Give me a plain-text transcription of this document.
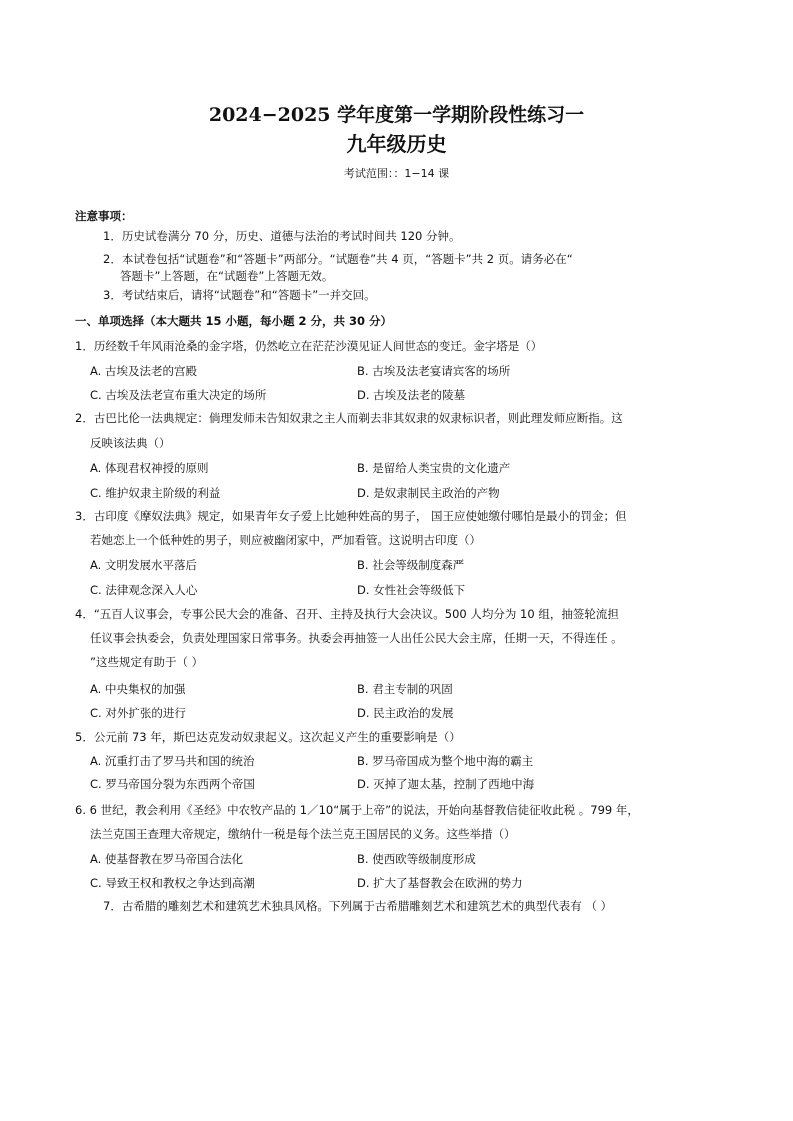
2024−2025 学年度第一学期阶段性练习一
九年级历史
考试范围：：1−14 课
注意事项：
1．历史试卷满分 70 分，历史、道德与法治的考试时间共 120 分钟。
2．本试卷包括“试题卷”和“答题卡”两部分。“试题卷”共 4 页，“答题卡”共 2 页。请务必在“
答题卡”上答题，在“试题卷”上答题无效。
3．考试结束后，请将“试题卷”和“答题卡”一并交回。
一、单项选择（本大题共 15 小题，每小题 2 分，共 30 分）
1．历经数千年风雨沧桑的金字塔，仍然屹立在茫茫沙漠见证人间世态的变迁。金字塔是（）
A. 古埃及法老的宫殿	B. 古埃及法老宴请宾客的场所
C. 古埃及法老宣布重大决定的场所	D. 古埃及法老的陵墓
2．古巴比伦一法典规定：倘理发师未告知奴隶之主人而剃去非其奴隶的奴隶标识者，则此理发师应断指。这
反映该法典（）
A. 体现君权神授的原则	B. 是留给人类宝贵的文化遗产
C. 维护奴隶主阶级的利益	D. 是奴隶制民主政治的产物
3．古印度《摩奴法典》规定，如果青年女子爱上比她种姓高的男子， 国王应使她缴付哪怕是最小的罚金；但
若她恋上一个低种姓的男子，则应被幽闭家中，严加看管。这说明古印度（）
A. 文明发展水平落后	B. 社会等级制度森严
C. 法律观念深入人心	D. 女性社会等级低下
4．“五百人议事会，专事公民大会的准备、召开、主持及执行大会决议。500 人均分为 10 组，抽签轮流担
任议事会执委会，负责处理国家日常事务。执委会再抽签一人出任公民大会主席，任期一天，不得连任 。
”这些规定有助于（ ）
A. 中央集权的加强	B. 君主专制的巩固
C. 对外扩张的进行	D. 民主政治的发展
5．公元前 73 年，斯巴达克发动奴隶起义。这次起义产生的重要影响是（）
A. 沉重打击了罗马共和国的统治	B. 罗马帝国成为整个地中海的霸主
C. 罗马帝国分裂为东西两个帝国	D. 灭掉了迦太基，控制了西地中海
6. 6 世纪，教会利用《圣经》中农牧产品的 1／10“属于上帝”的说法，开始向基督教信徒征收此税 。799 年，
法兰克国王查理大帝规定，缴纳什一税是每个法兰克王国居民的义务。这些举措（）
A. 使基督教在罗马帝国合法化	B. 使西欧等级制度形成
C. 导致王权和教权之争达到高潮	D. 扩大了基督教会在欧洲的势力
7．古希腊的雕刻艺术和建筑艺术独具风格。下列属于古希腊雕刻艺术和建筑艺术的典型代表有 （ ）
